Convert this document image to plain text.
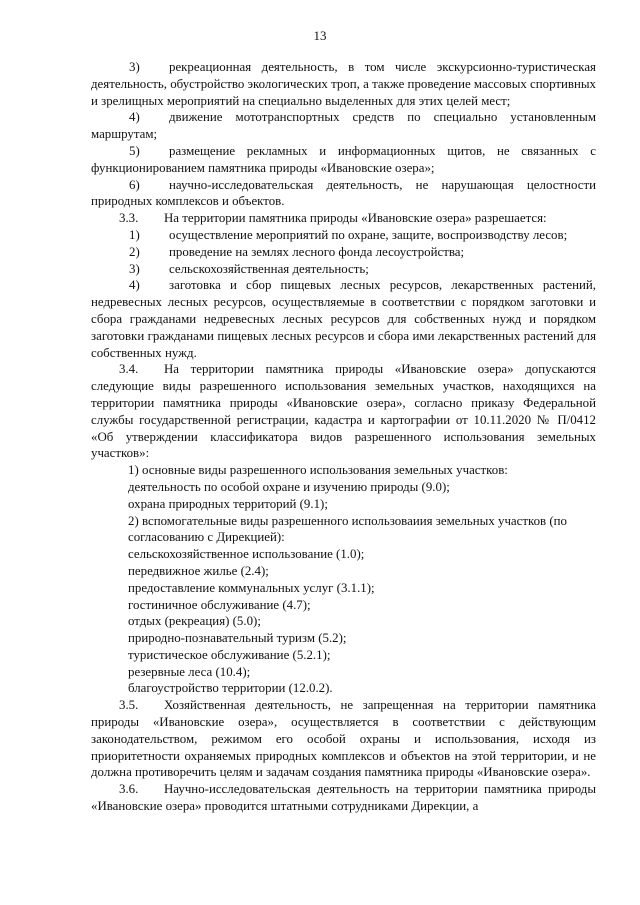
13

3) рекреационная деятельность, в том числе экскурсионно-туристическая деятельность, обустройство экологических троп, а также проведение массовых спортивных и зрелищных мероприятий на специально выделенных для этих целей мест;

4) движение мототранспортных средств по специально установленным маршрутам;

5) размещение рекламных и информационных щитов, не связанных с функционированием памятника природы «Ивановские озера»;

6) научно-исследовательская деятельность, не нарушающая целостности природных комплексов и объектов.

3.3. На территории памятника природы «Ивановские озера» разрешается:

1) осуществление мероприятий по охране, защите, воспроизводству лесов;

2) проведение на землях лесного фонда лесоустройства;

3) сельскохозяйственная деятельность;

4) заготовка и сбор пищевых лесных ресурсов, лекарственных растений, недревесных лесных ресурсов, осуществляемые в соответствии с порядком заготовки и сбора гражданами недревесных лесных ресурсов для собственных нужд и порядком заготовки гражданами пищевых лесных ресурсов и сбора ими лекарственных растений для собственных нужд.

3.4. На территории памятника природы «Ивановские озера» допускаются следующие виды разрешенного использования земельных участков, находящихся на территории памятника природы «Ивановские озера», согласно приказу Федеральной службы государственной регистрации, кадастра и картографии от 10.11.2020 № П/0412 «Об утверждении классификатора видов разрешенного использования земельных участков»:

1) основные виды разрешенного использования земельных участков:

деятельность по особой охране и изучению природы (9.0);

охрана природных территорий (9.1);

2) вспомогательные виды разрешенного использоваиия земельных участков (по согласованию с Дирекцией):

сельскохозяйственное использование (1.0);

передвижное жилье (2.4);

предоставление коммунальных услуг (3.1.1);

гостиничное обслуживание (4.7);

отдых (рекреация) (5.0);

природно-познавательный туризм (5.2);

туристическое обслуживание (5.2.1);

резервные леса (10.4);

благоустройство территории (12.0.2).

3.5. Хозяйственная деятельность, не запрещенная на территории памятника природы «Ивановские озера», осуществляется в соответствии с действующим законодательством, режимом его особой охраны и использования, исходя из приоритетности охраняемых природных комплексов и объектов на этой территории, и не должна противоречить целям и задачам создания памятника природы «Ивановские озера».

3.6. Научно-исследовательская деятельность на территории памятника природы «Ивановские озера» проводится штатными сотрудниками Дирекции, а
